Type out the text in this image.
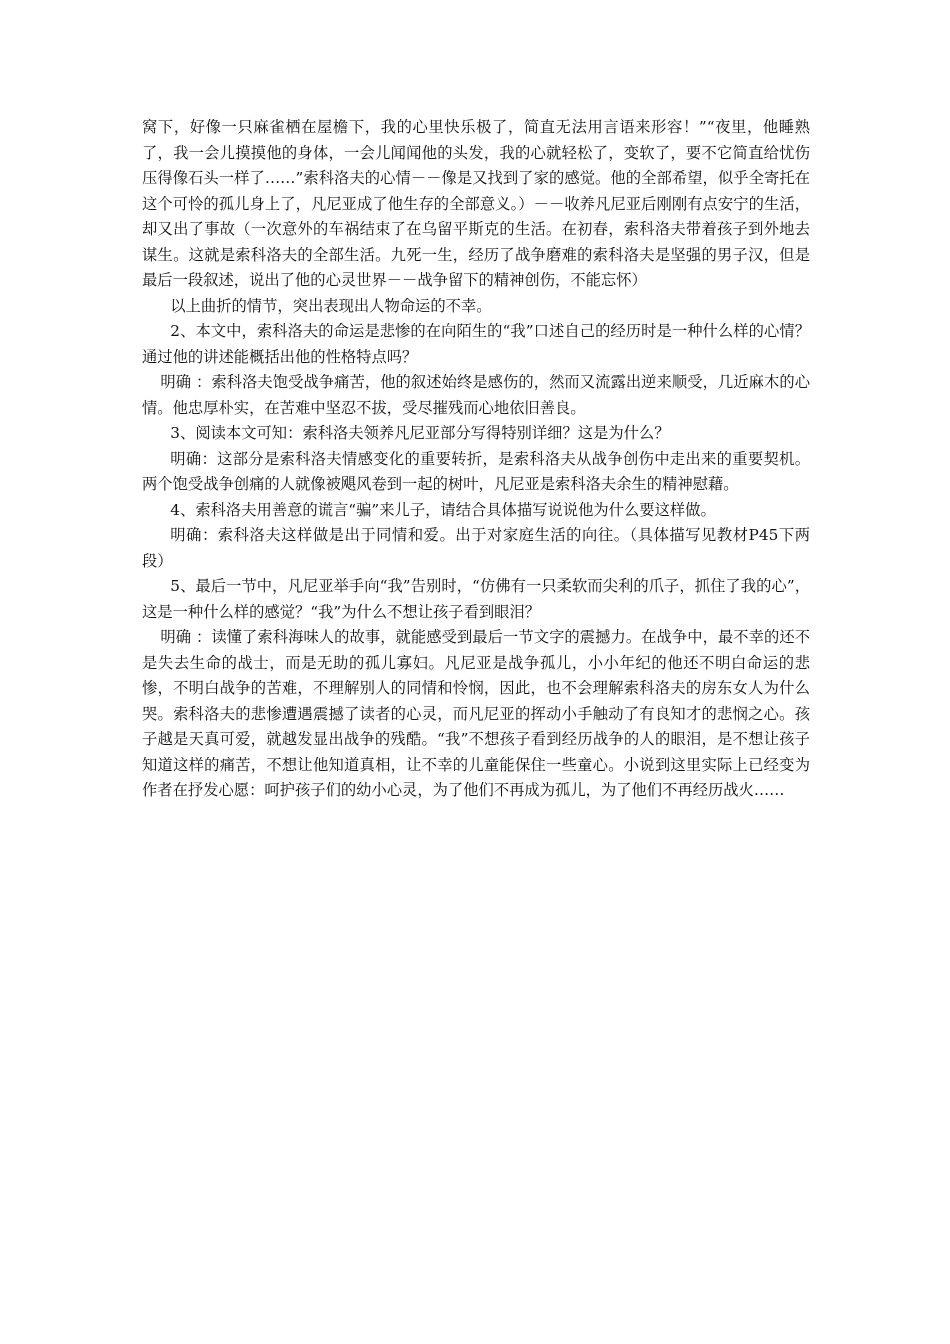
窝下，好像一只麻雀栖在屋檐下，我的心里快乐极了，简直无法用言语来形容！”“夜里，他睡熟了，我一会儿摸摸他的身体，一会儿闻闻他的头发，我的心就轻松了，变软了，要不它简直给忧伤压得像石头一样了……”索科洛夫的心情－－像是又找到了家的感觉。他的全部希望，似乎全寄托在这个可怜的孤儿身上了，凡尼亚成了他生存的全部意义。）－－收养凡尼亚后刚刚有点安宁的生活，却又出了事故（一次意外的车祸结束了在乌留平斯克的生活。在初春，索科洛夫带着孩子到外地去谋生。这就是索科洛夫的全部生活。九死一生，经历了战争磨难的索科洛夫是坚强的男子汉，但是最后一段叙述，说出了他的心灵世界－－战争留下的精神创伤，不能忘怀）

以上曲折的情节，突出表现出人物命运的不幸。

2、本文中，索科洛夫的命运是悲惨的在向陌生的“我”口述自己的经历时是一种什么样的心情？通过他的讲述能概括出他的性格特点吗？

明确 ：索科洛夫饱受战争痛苦，他的叙述始终是感伤的，然而又流露出逆来顺受，几近麻木的心情。他忠厚朴实，在苦难中坚忍不拔，受尽摧残而心地依旧善良。

3、阅读本文可知：索科洛夫领养凡尼亚部分写得特别详细？这是为什么？

明确：这部分是索科洛夫情感变化的重要转折，是索科洛夫从战争创伤中走出来的重要契机。两个饱受战争创痛的人就像被飓风卷到一起的树叶，凡尼亚是索科洛夫余生的精神慰藉。

4、索科洛夫用善意的谎言“骗”来儿子，请结合具体描写说说他为什么要这样做。

明确：索科洛夫这样做是出于同情和爱。出于对家庭生活的向往。（具体描写见教材P45下两段）

5、最后一节中，凡尼亚举手向“我”告别时，“仿佛有一只柔软而尖利的爪子，抓住了我的心”，这是一种什么样的感觉？“我”为什么不想让孩子看到眼泪？

明确 ：读懂了索科海味人的故事，就能感受到最后一节文字的震撼力。在战争中，最不幸的还不是失去生命的战士，而是无助的孤儿寡妇。凡尼亚是战争孤儿，小小年纪的他还不明白命运的悲惨，不明白战争的苦难，不理解别人的同情和怜悯，因此，也不会理解索科洛夫的房东女人为什么哭。索科洛夫的悲惨遭遇震撼了读者的心灵，而凡尼亚的挥动小手触动了有良知才的悲悯之心。孩子越是天真可爱，就越发显出战争的残酷。“我”不想孩子看到经历战争的人的眼泪，是不想让孩子知道这样的痛苦，不想让他知道真相，让不幸的儿童能保住一些童心。小说到这里实际上已经变为作者在抒发心愿：呵护孩子们的幼小心灵，为了他们不再成为孤儿，为了他们不再经历战火……
